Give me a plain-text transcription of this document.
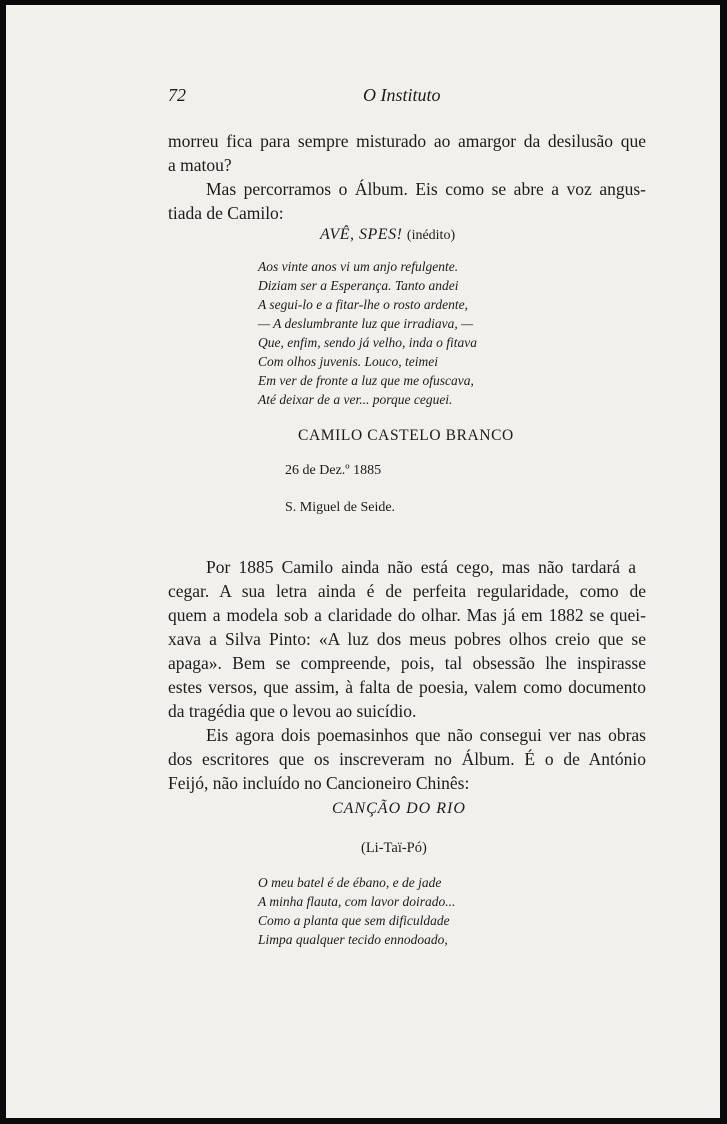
72	O Instituto
morreu fica para sempre misturado ao amargor da desilusão que
a matou?
Mas percorramos o Álbum. Eis como se abre a voz angus-
tiada de Camilo:
AVÊ, SPES! (inédito)
Aos vinte anos vi um anjo refulgente.
Diziam ser a Esperança. Tanto andei
A segui-lo e a fitar-lhe o rosto ardente,
— A deslumbrante luz que irradiava, —
Que, enfim, sendo já velho, inda o fitava
Com olhos juvenis. Louco, teimei
Em ver de fronte a luz que me ofuscava,
Até deixar de a ver... porque ceguei.
CAMILO CASTELO BRANCO
26 de Dez.º 1885
S. Miguel de Seide.
Por 1885 Camilo ainda não está cego, mas não tardará a
cegar. A sua letra ainda é de perfeita regularidade, como de
quem a modela sob a claridade do olhar. Mas já em 1882 se quei-
xava a Silva Pinto: «A luz dos meus pobres olhos creio que se
apaga». Bem se compreende, pois, tal obsessão lhe inspirasse
estes versos, que assim, à falta de poesia, valem como documento
da tragédia que o levou ao suicídio.
Eis agora dois poemasinhos que não consegui ver nas obras
dos escritores que os inscreveram no Álbum. É o de António
Feijó, não incluído no Cancioneiro Chinês:
CANÇÃO DO RIO
(Li-Taï-Pó)
O meu batel é de ébano, e de jade
A minha flauta, com lavor doirado...
Como a planta que sem dificuldade
Limpa qualquer tecido ennodoado,
